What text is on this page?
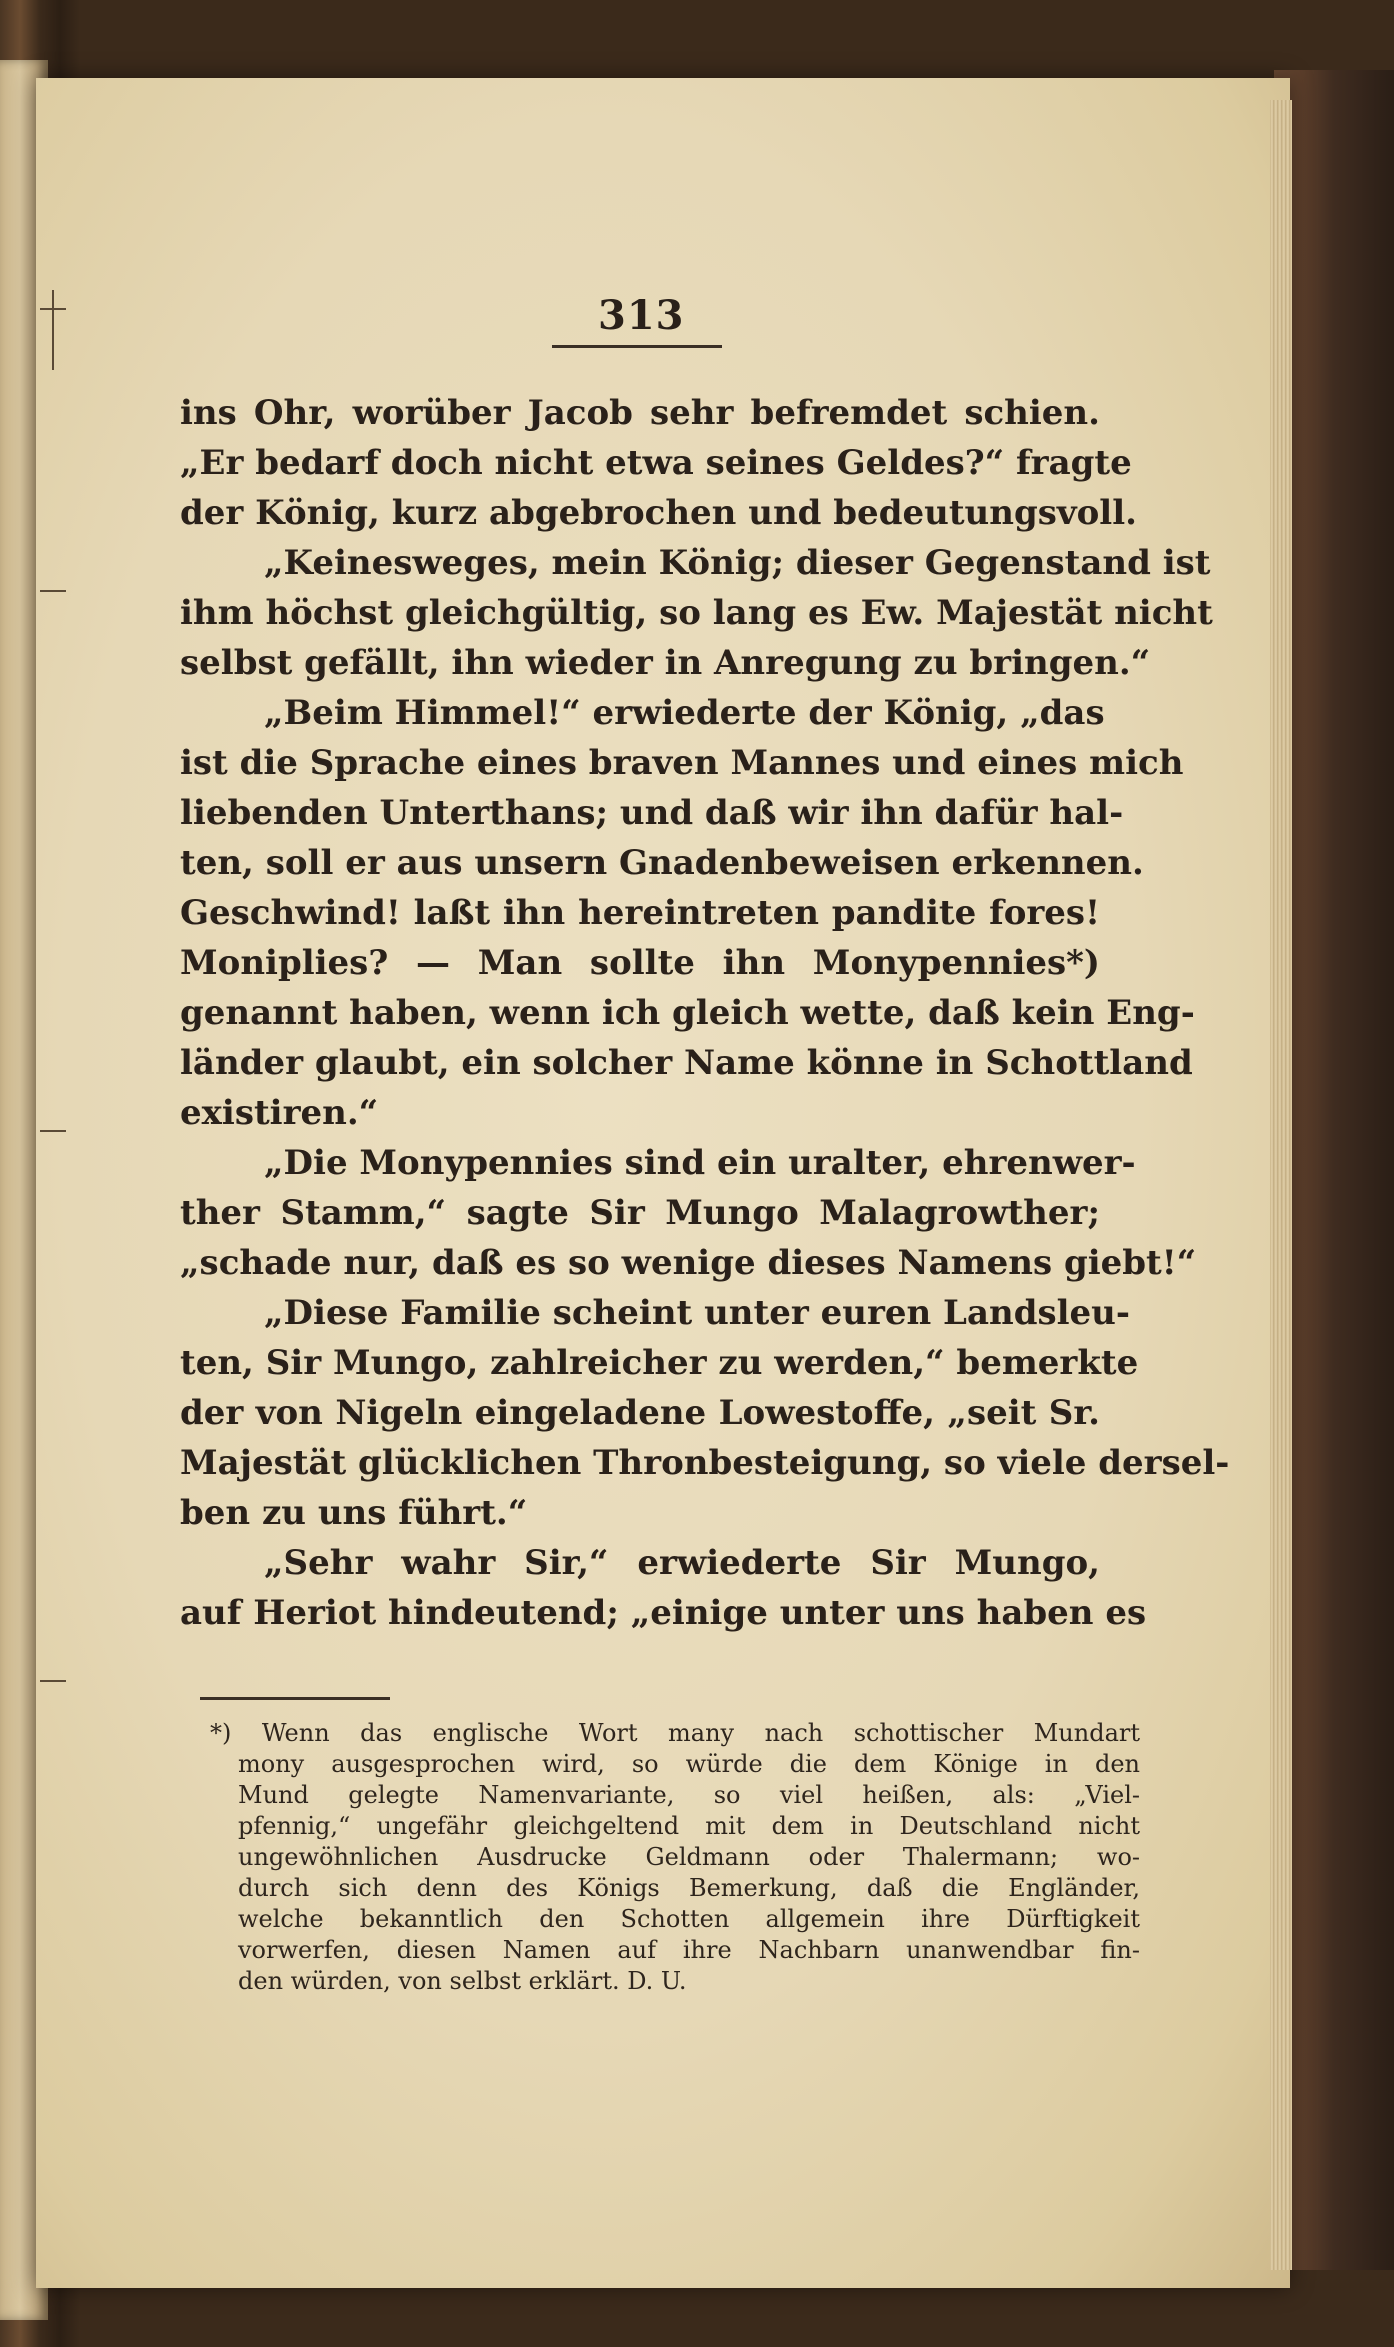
313
ins Ohr, worüber Jacob sehr befremdet schien.
„Er bedarf doch nicht etwa seines Geldes?“ fragte
der König, kurz abgebrochen und bedeutungsvoll.
„Keinesweges, mein König; dieser Gegenstand ist
ihm höchst gleichgültig, so lang es Ew. Majestät nicht
selbst gefällt, ihn wieder in Anregung zu bringen.“
„Beim Himmel!“ erwiederte der König, „das
ist die Sprache eines braven Mannes und eines mich
liebenden Unterthans; und daß wir ihn dafür hal-
ten, soll er aus unsern Gnadenbeweisen erkennen.
Geschwind! laßt ihn hereintreten pandite fores!
Moniplies? — Man sollte ihn Monypennies*)
genannt haben, wenn ich gleich wette, daß kein Eng-
länder glaubt, ein solcher Name könne in Schottland
existiren.“
„Die Monypennies sind ein uralter, ehrenwer-
ther Stamm,“ sagte Sir Mungo Malagrowther;
„schade nur, daß es so wenige dieses Namens giebt!“
„Diese Familie scheint unter euren Landsleu-
ten, Sir Mungo, zahlreicher zu werden,“ bemerkte
der von Nigeln eingeladene Lowestoffe, „seit Sr.
Majestät glücklichen Thronbesteigung, so viele dersel-
ben zu uns führt.“
„Sehr wahr Sir,“ erwiederte Sir Mungo,
auf Heriot hindeutend; „einige unter uns haben es
*) Wenn das englische Wort many nach schottischer Mundart
mony ausgesprochen wird, so würde die dem Könige in den
Mund gelegte Namenvariante, so viel heißen, als: „Viel-
pfennig,“ ungefähr gleichgeltend mit dem in Deutschland nicht
ungewöhnlichen Ausdrucke Geldmann oder Thalermann; wo-
durch sich denn des Königs Bemerkung, daß die Engländer,
welche bekanntlich den Schotten allgemein ihre Dürftigkeit
vorwerfen, diesen Namen auf ihre Nachbarn unanwendbar fin-
den würden, von selbst erklärt. D. U.
